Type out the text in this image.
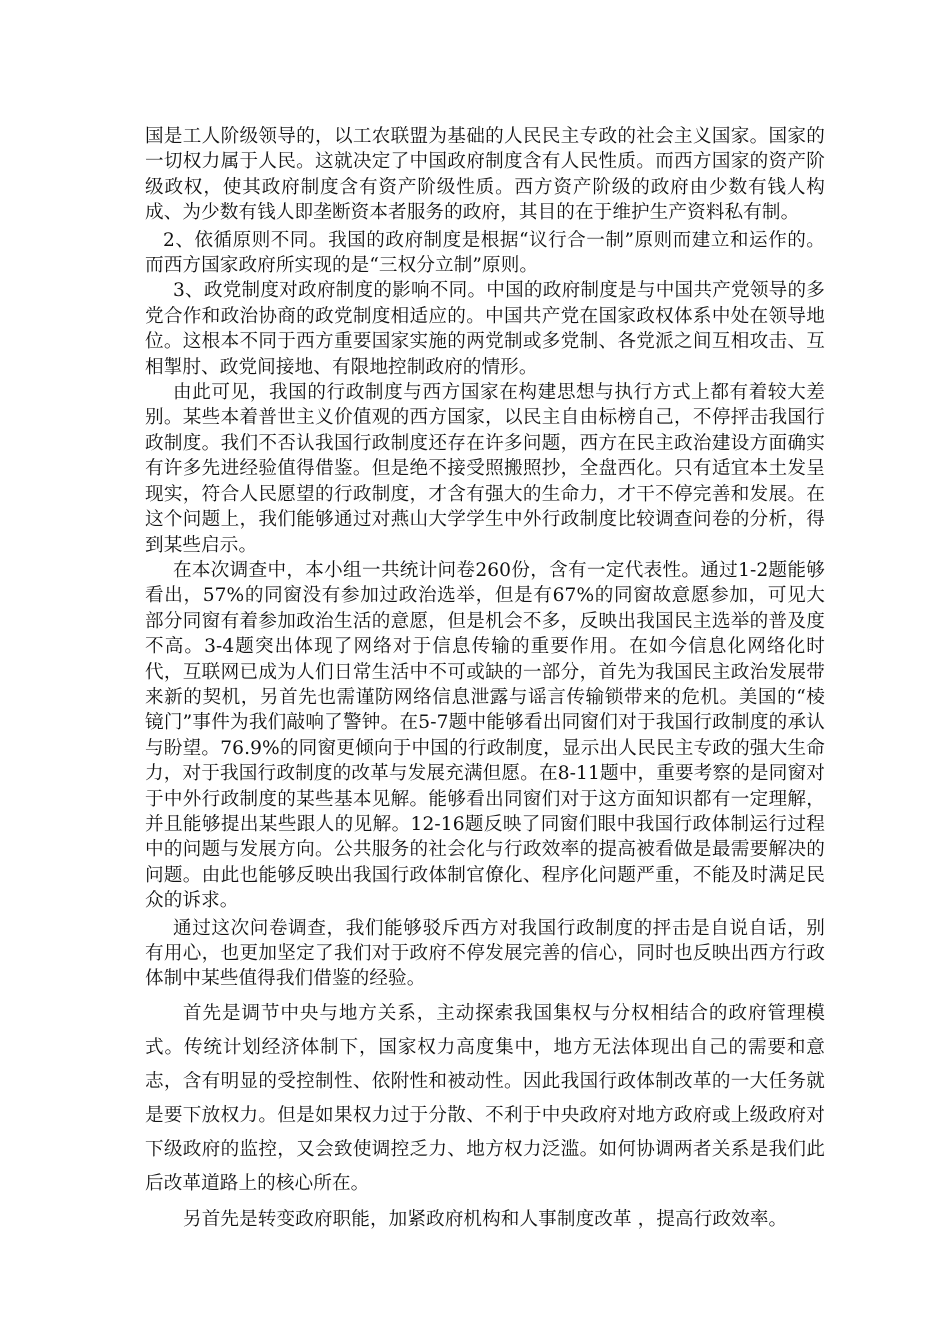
国是工人阶级领导的，以工农联盟为基础的人民民主专政的社会主义国家。国家的一切权力属于人民。这就决定了中国政府制度含有人民性质。而西方国家的资产阶级政权，使其政府制度含有资产阶级性质。西方资产阶级的政府由少数有钱人构成、为少数有钱人即垄断资本者服务的政府，其目的在于维护生产资料私有制。

2、依循原则不同。我国的政府制度是根据“议行合一制”原则而建立和运作的。而西方国家政府所实现的是“三权分立制”原则。

3、政党制度对政府制度的影响不同。中国的政府制度是与中国共产党领导的多党合作和政治协商的政党制度相适应的。中国共产党在国家政权体系中处在领导地位。这根本不同于西方重要国家实施的两党制或多党制、各党派之间互相攻击、互相掣肘、政党间接地、有限地控制政府的情形。

由此可见，我国的行政制度与西方国家在构建思想与执行方式上都有着较大差别。某些本着普世主义价值观的西方国家，以民主自由标榜自己，不停抨击我国行政制度。我们不否认我国行政制度还存在许多问题，西方在民主政治建设方面确实有许多先进经验值得借鉴。但是绝不接受照搬照抄，全盘西化。只有适宜本土发呈现实，符合人民愿望的行政制度，才含有强大的生命力，才干不停完善和发展。在这个问题上，我们能够通过对燕山大学学生中外行政制度比较调查问卷的分析，得到某些启示。

在本次调查中，本小组一共统计问卷260份，含有一定代表性。通过1-2题能够看出，57%的同窗没有参加过政治选举，但是有67%的同窗故意愿参加，可见大部分同窗有着参加政治生活的意愿，但是机会不多，反映出我国民主选举的普及度不高。3-4题突出体现了网络对于信息传输的重要作用。在如今信息化网络化时代，互联网已成为人们日常生活中不可或缺的一部分，首先为我国民主政治发展带来新的契机，另首先也需谨防网络信息泄露与谣言传输锁带来的危机。美国的“棱镜门”事件为我们敲响了警钟。在5-7题中能够看出同窗们对于我国行政制度的承认与盼望。76.9%的同窗更倾向于中国的行政制度，显示出人民民主专政的强大生命力，对于我国行政制度的改革与发展充满但愿。在8-11题中，重要考察的是同窗对于中外行政制度的某些基本见解。能够看出同窗们对于这方面知识都有一定理解，并且能够提出某些跟人的见解。12-16题反映了同窗们眼中我国行政体制运行过程中的问题与发展方向。公共服务的社会化与行政效率的提高被看做是最需要解决的问题。由此也能够反映出我国行政体制官僚化、程序化问题严重，不能及时满足民众的诉求。

通过这次问卷调查，我们能够驳斥西方对我国行政制度的抨击是自说自话，别有用心，也更加坚定了我们对于政府不停发展完善的信心，同时也反映出西方行政体制中某些值得我们借鉴的经验。

首先是调节中央与地方关系，主动探索我国集权与分权相结合的政府管理模式。传统计划经济体制下，国家权力高度集中，地方无法体现出自己的需要和意志，含有明显的受控制性、依附性和被动性。因此我国行政体制改革的一大任务就是要下放权力。但是如果权力过于分散、不利于中央政府对地方政府或上级政府对下级政府的监控，又会致使调控乏力、地方权力泛滥。如何协调两者关系是我们此后改革道路上的核心所在。

另首先是转变政府职能，加紧政府机构和人事制度改革 ，提高行政效率。
